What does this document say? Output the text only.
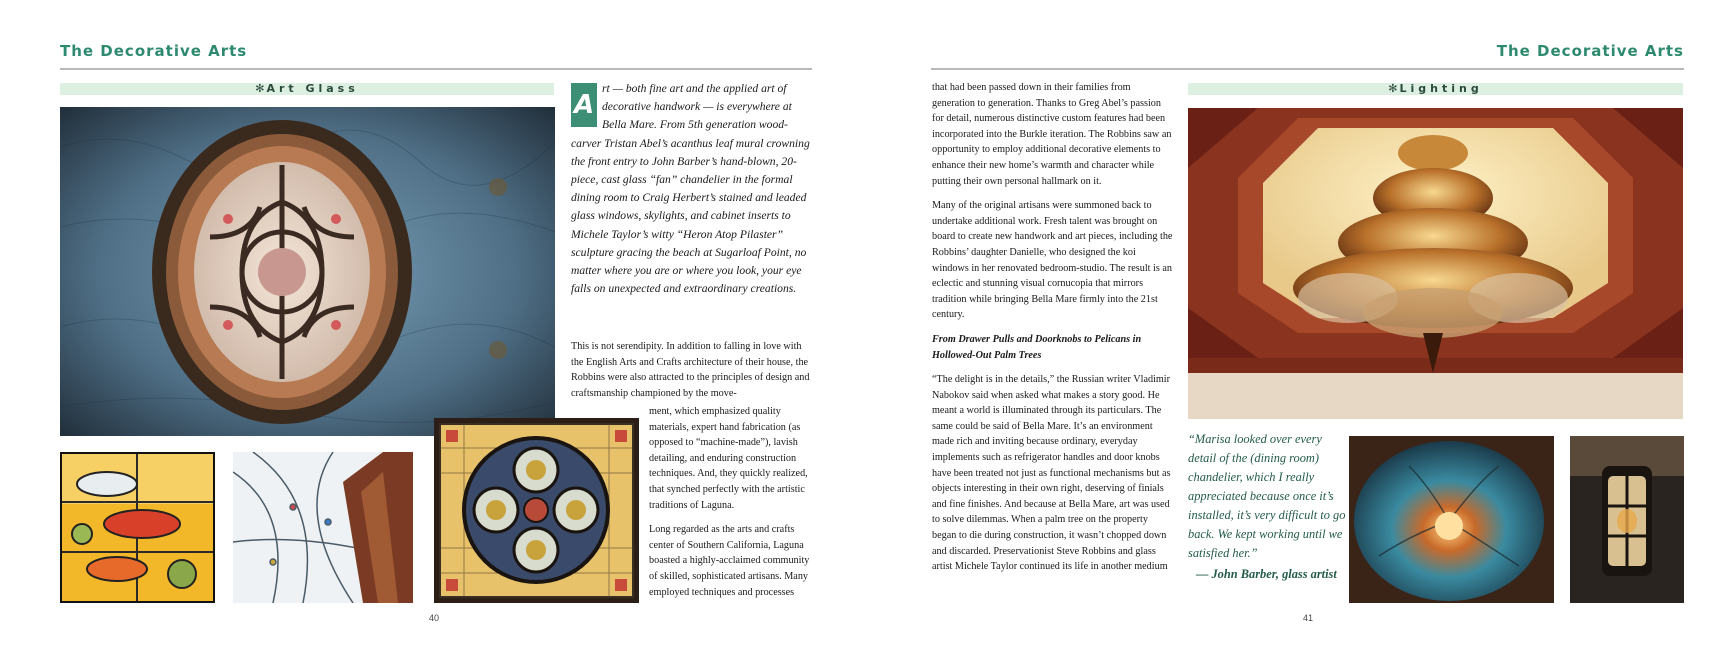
The Decorative Arts
✻ Art Glass
A
rt — both fine art and the applied art of decorative handwork — is everywhere at Bella Mare. From 5th generation wood-carver Tristan Abel’s acanthus leaf mural crowning the front entry to John Barber’s hand-blown, 20-piece, cast glass “fan” chandelier in the formal dining room to Craig Herbert’s stained and leaded glass windows, skylights, and cabinet inserts to Michele Taylor’s witty “Heron Atop Pilaster” sculpture gracing the beach at Sugarloaf Point, no matter where you are or where you look, your eye falls on unexpected and extraordinary creations.

This is not serendipity. In addition to falling in love with the English Arts and Crafts architecture of their house, the Robbins were also attracted to the principles of design and craftsmanship championed by the move-

ment, which emphasized quality materials, expert hand fabrication (as opposed to “machine-made”), lavish detailing, and enduring construction techniques. And, they quickly realized, that synched perfectly with the artistic traditions of Laguna.

Long regarded as the arts and crafts center of Southern California, Laguna boasted a highly-acclaimed community of skilled, sophisticated artisans. Many employed techniques and processes

40
The Decorative Arts

that had been passed down in their families from generation to generation. Thanks to Greg Abel’s passion for detail, numerous distinctive custom features had been incorporated into the Burkle iteration. The Robbins saw an opportunity to employ additional decorative elements to enhance their new home’s warmth and character while putting their own personal hallmark on it.

Many of the original artisans were summoned back to undertake additional work. Fresh talent was brought on board to create new handwork and art pieces, including the Robbins’ daughter Danielle, who designed the koi windows in her renovated bedroom-studio. The result is an eclectic and stunning visual cornucopia that mirrors tradition while bringing Bella Mare firmly into the 21st century.

From Drawer Pulls and Doorknobs to Pelicans in Hollowed-Out Palm Trees

“The delight is in the details,” the Russian writer Vladimir Nabokov said when asked what makes a story good. He meant a world is illuminated through its particulars. The same could be said of Bella Mare. It’s an environment made rich and inviting because ordinary, everyday implements such as refrigerator handles and door knobs have been treated not just as functional mechanisms but as objects interesting in their own right, deserving of finials and fine finishes. And because at Bella Mare, art was used to solve dilemmas. When a palm tree on the property began to die during construction, it wasn’t chopped down and discarded. Preservationist Steve Robbins and glass artist Michele Taylor continued its life in another medium

✻ Lighting
“Marisa looked over every detail of the (dining room) chandelier, which I really appreciated because once it’s installed, it’s very difficult to go back. We kept working until we satisfied her.”
— John Barber, glass artist
41
